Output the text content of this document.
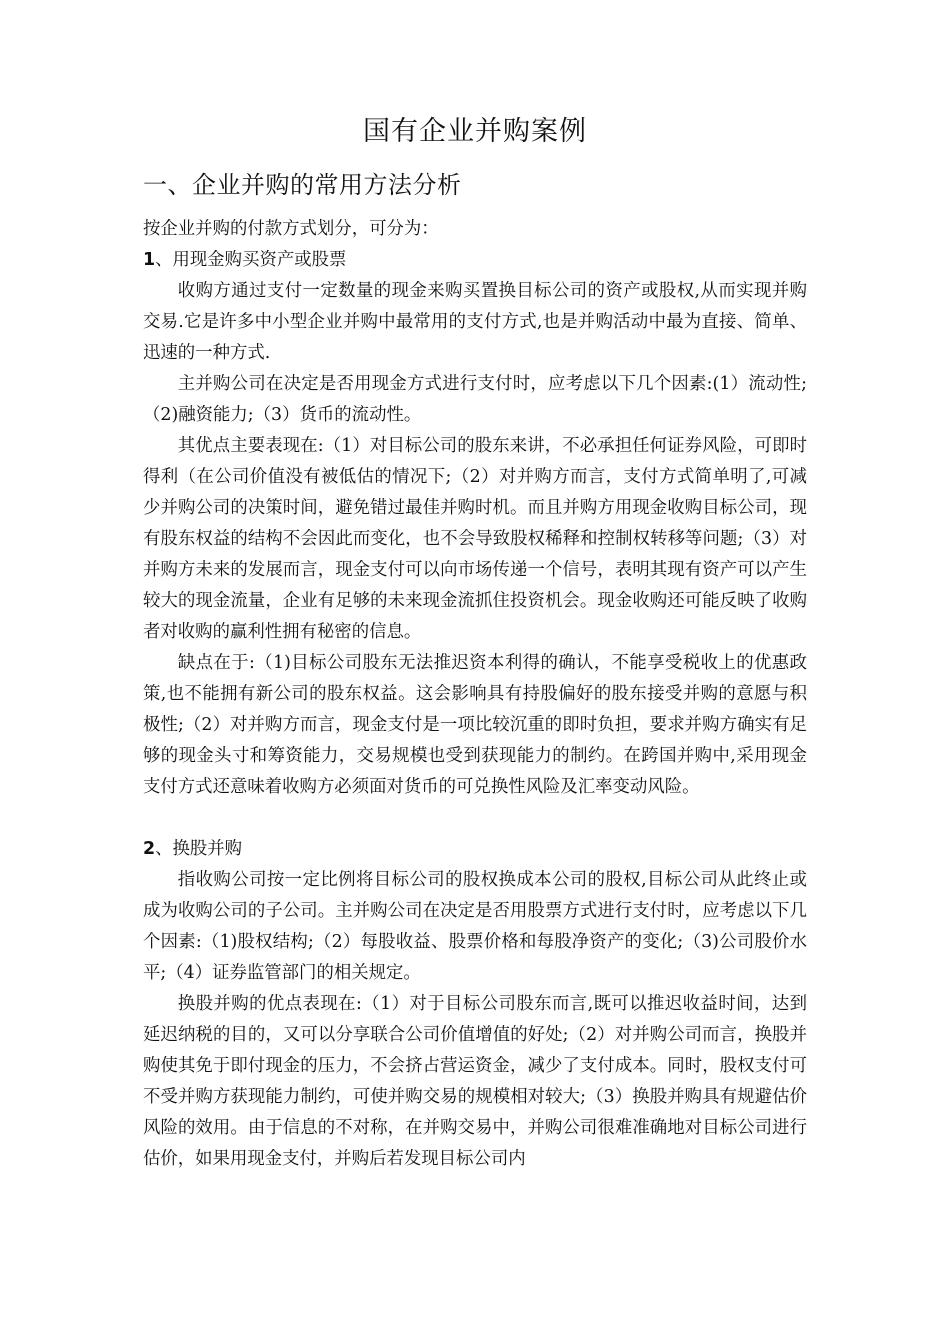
国有企业并购案例
一、企业并购的常用方法分析

按企业并购的付款方式划分，可分为：

1、用现金购买资产或股票

收购方通过支付一定数量的现金来购买置换目标公司的资产或股权,从而实现并购交易.它是许多中小型企业并购中最常用的支付方式,也是并购活动中最为直接、简单、迅速的一种方式.

主并购公司在决定是否用现金方式进行支付时，应考虑以下几个因素:(1）流动性;（2)融资能力;（3）货币的流动性。

其优点主要表现在:（1）对目标公司的股东来讲，不必承担任何证券风险，可即时得利（在公司价值没有被低估的情况下;（2）对并购方而言，支付方式简单明了,可减少并购公司的决策时间，避免错过最佳并购时机。而且并购方用现金收购目标公司，现有股东权益的结构不会因此而变化，也不会导致股权稀释和控制权转移等问题;（3）对并购方未来的发展而言，现金支付可以向市场传递一个信号，表明其现有资产可以产生较大的现金流量，企业有足够的未来现金流抓住投资机会。现金收购还可能反映了收购者对收购的赢利性拥有秘密的信息。

缺点在于:（1)目标公司股东无法推迟资本利得的确认，不能享受税收上的优惠政策,也不能拥有新公司的股东权益。这会影响具有持股偏好的股东接受并购的意愿与积极性;（2）对并购方而言，现金支付是一项比较沉重的即时负担，要求并购方确实有足够的现金头寸和筹资能力，交易规模也受到获现能力的制约。在跨国并购中,采用现金支付方式还意味着收购方必须面对货币的可兑换性风险及汇率变动风险。

2、换股并购

指收购公司按一定比例将目标公司的股权换成本公司的股权,目标公司从此终止或成为收购公司的子公司。主并购公司在决定是否用股票方式进行支付时，应考虑以下几个因素:（1)股权结构;（2）每股收益、股票价格和每股净资产的变化;（3)公司股价水平;（4）证券监管部门的相关规定。

换股并购的优点表现在:（1）对于目标公司股东而言,既可以推迟收益时间，达到延迟纳税的目的，又可以分享联合公司价值增值的好处;（2）对并购公司而言，换股并购使其免于即付现金的压力，不会挤占营运资金，减少了支付成本。同时，股权支付可不受并购方获现能力制约，可使并购交易的规模相对较大;（3）换股并购具有规避估价风险的效用。由于信息的不对称，在并购交易中，并购公司很难准确地对目标公司进行估价，如果用现金支付，并购后若发现目标公司内
